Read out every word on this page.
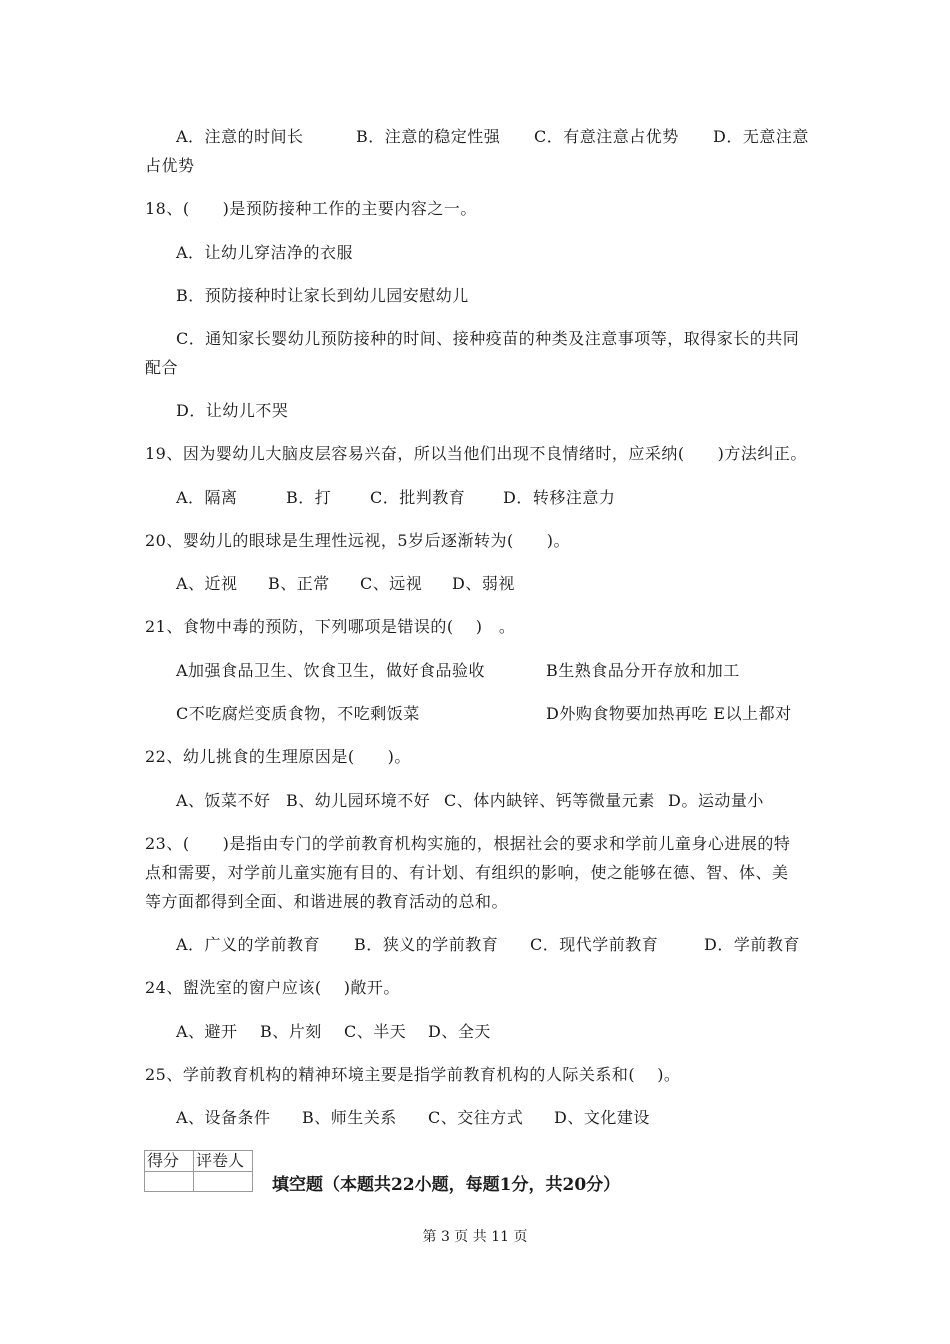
A．注意的时间长	B．注意的稳定性强 C．有意注意占优势 D．无意注意
占优势
18、(　　)是预防接种工作的主要内容之一。
A．让幼儿穿洁净的衣服
B．预防接种时让家长到幼儿园安慰幼儿
C．通知家长婴幼儿预防接种的时间、接种疫苗的种类及注意事项等，取得家长的共同
配合
D．让幼儿不哭
19、因为婴幼儿大脑皮层容易兴奋，所以当他们出现不良情绪时，应采纳(　　)方法纠正。
A．隔离	B．打 C．批判教育 D．转移注意力
20、婴幼儿的眼球是生理性远视，5岁后逐渐转为(　　)。
A、近视 B、正常 C、远视 D、弱视
21、食物中毒的预防，下列哪项是错误的(　 )　。
A加强食品卫生、饮食卫生，做好食品验收	B生熟食品分开存放和加工
C不吃腐烂变质食物，不吃剩饭菜	D外购食物要加热再吃 E以上都对
22、幼儿挑食的生理原因是(　　)。
A、饭菜不好 B、幼儿园环境不好 C、体内缺锌、钙等微量元素 D。运动量小
23、(　　)是指由专门的学前教育机构实施的，根据社会的要求和学前儿童身心进展的特
点和需要，对学前儿童实施有目的、有计划、有组织的影响，使之能够在德、智、体、美
等方面都得到全面、和谐进展的教育活动的总和。
A．广义的学前教育 B．狭义的学前教育 C．现代学前教育	D．学前教育
24、盥洗室的窗户应该(　 )敞开。
A、避开 B、片刻 C、半天 D、全天
25、学前教育机构的精神环境主要是指学前教育机构的人际关系和(　 )。
A、设备条件 B、师生关系 C、交往方式 D、文化建设
得分	评卷人

填空题（本题共22小题，每题1分，共20分）
第 3 页 共 11 页
